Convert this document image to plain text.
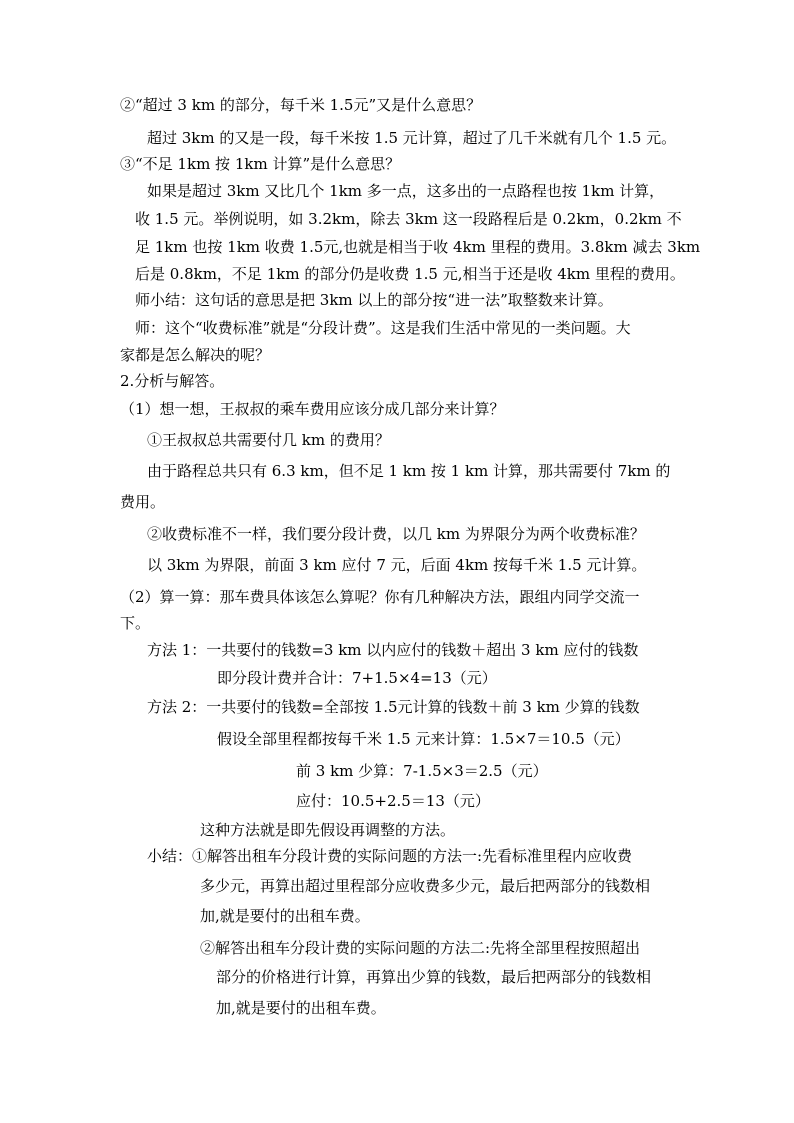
②“超过 3 km 的部分，每千米 1.5元”又是什么意思？
超过 3km 的又是一段，每千米按 1.5 元计算，超过了几千米就有几个 1.5 元。
③“不足 1km 按 1km 计算”是什么意思？
如果是超过 3km 又比几个 1km 多一点，这多出的一点路程也按 1km 计算，
收 1.5 元。举例说明，如 3.2km，除去 3km 这一段路程后是 0.2km，0.2km 不
足 1km 也按 1km 收费 1.5元,也就是相当于收 4km 里程的费用。3.8km 减去 3km
后是 0.8km，不足 1km 的部分仍是收费 1.5 元,相当于还是收 4km 里程的费用。
师小结：这句话的意思是把 3km 以上的部分按“进一法”取整数来计算。
师：这个“收费标准”就是“分段计费”。这是我们生活中常见的一类问题。大
家都是怎么解决的呢？
2.分析与解答。
（1）想一想，王叔叔的乘车费用应该分成几部分来计算？
①王叔叔总共需要付几 km 的费用？
由于路程总共只有 6.3 km，但不足 1 km 按 1 km 计算，那共需要付 7km 的
费用。
②收费标准不一样，我们要分段计费，以几 km 为界限分为两个收费标准？
以 3km 为界限，前面 3 km 应付 7 元，后面 4km 按每千米 1.5 元计算。
（2）算一算：那车费具体该怎么算呢？你有几种解决方法，跟组内同学交流一
下。
方法 1：一共要付的钱数=3 km 以内应付的钱数＋超出 3 km 应付的钱数
即分段计费并合计：7+1.5×4=13（元）
方法 2：一共要付的钱数=全部按 1.5元计算的钱数＋前 3 km 少算的钱数
假设全部里程都按每千米 1.5 元来计算：1.5×7＝10.5（元）
前 3 km 少算：7-1.5×3＝2.5（元）
应付：10.5+2.5＝13（元）
这种方法就是即先假设再调整的方法。
小结：①解答出租车分段计费的实际问题的方法一:先看标准里程内应收费
多少元，再算出超过里程部分应收费多少元，最后把两部分的钱数相
加,就是要付的出租车费。
②解答出租车分段计费的实际问题的方法二:先将全部里程按照超出
部分的价格进行计算，再算出少算的钱数，最后把两部分的钱数相
加,就是要付的出租车费。
